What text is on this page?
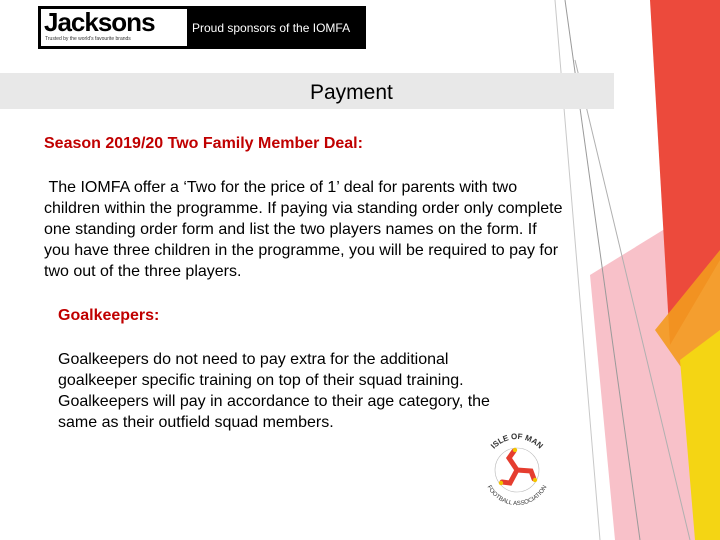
Jacksons
Trusted by the world's favourite brands
Proud sponsors of the IOMFA
Payment
Season 2019/20 Two Family Member Deal:
The IOMFA offer a ‘Two for the price of 1’ deal for parents with two children within the programme. If paying via standing order only complete one standing order form and list the two players names on the form. If you have three children in the programme, you will be required to pay for two out of the three players.
Goalkeepers:
Goalkeepers do not need to pay extra for the additional goalkeeper specific training on top of their squad training. Goalkeepers will pay in accordance to their age category, the same as their outfield squad members.
ISLE OF MAN
FOOTBALL ASSOCIATION
